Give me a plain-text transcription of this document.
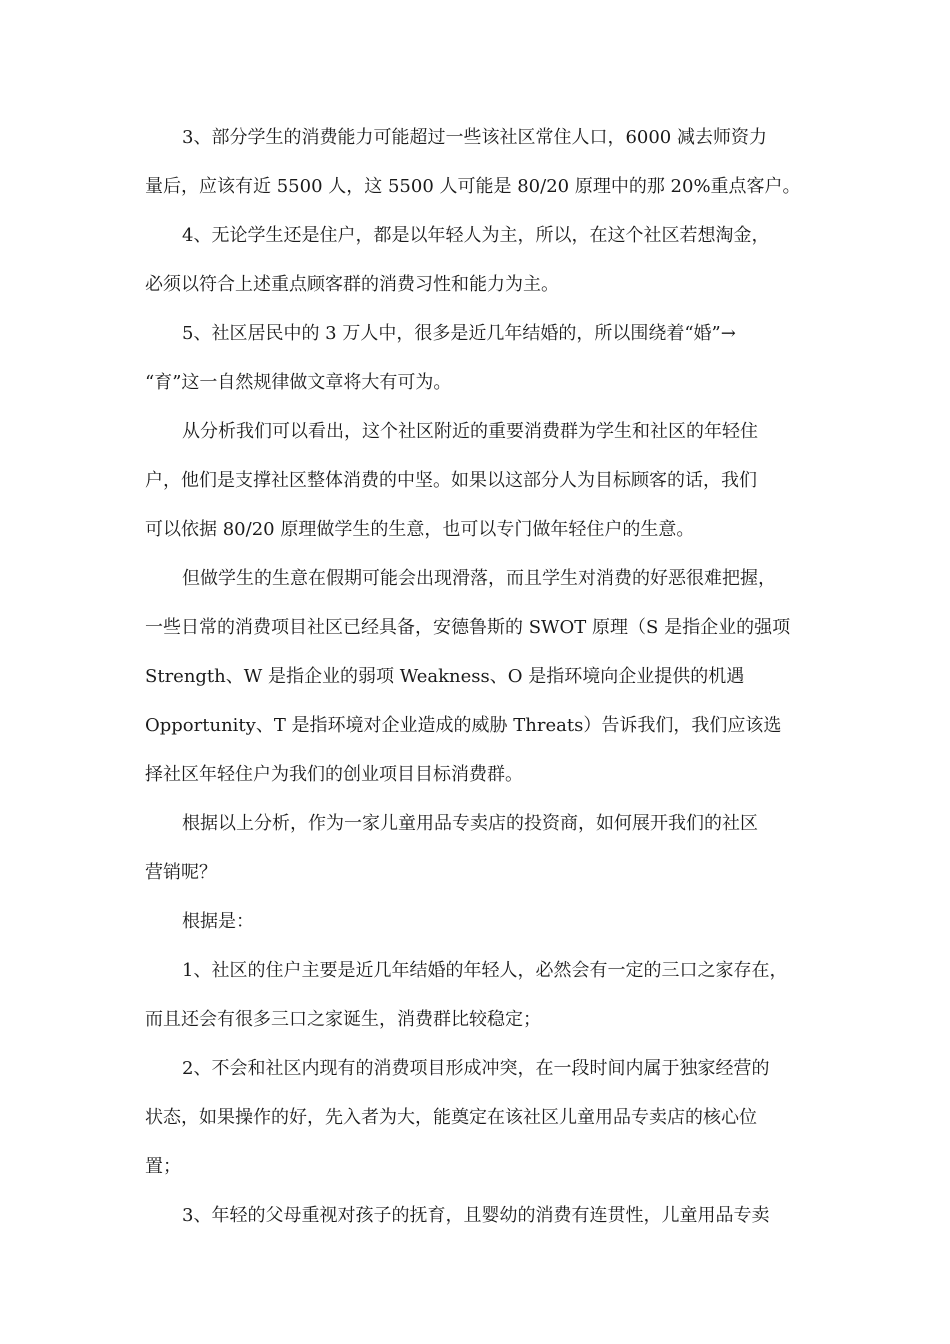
3、部分学生的消费能力可能超过一些该社区常住人口，6000 减去师资力
量后，应该有近 5500 人，这 5500 人可能是 80/20 原理中的那 20%重点客户。
4、无论学生还是住户，都是以年轻人为主，所以，在这个社区若想淘金，
必须以符合上述重点顾客群的消费习性和能力为主。
5、社区居民中的 3 万人中，很多是近几年结婚的，所以围绕着“婚”→
“育”这一自然规律做文章将大有可为。
从分析我们可以看出，这个社区附近的重要消费群为学生和社区的年轻住
户，他们是支撑社区整体消费的中坚。如果以这部分人为目标顾客的话，我们
可以依据 80/20 原理做学生的生意，也可以专门做年轻住户的生意。
但做学生的生意在假期可能会出现滑落，而且学生对消费的好恶很难把握，
一些日常的消费项目社区已经具备，安德鲁斯的 SWOT 原理（S 是指企业的强项
Strength、W 是指企业的弱项 Weakness、O 是指环境向企业提供的机遇
Opportunity、T 是指环境对企业造成的威胁 Threats）告诉我们，我们应该选
择社区年轻住户为我们的创业项目目标消费群。
根据以上分析，作为一家儿童用品专卖店的投资商，如何展开我们的社区
营销呢？
根据是：
1、社区的住户主要是近几年结婚的年轻人，必然会有一定的三口之家存在，
而且还会有很多三口之家诞生，消费群比较稳定；
2、不会和社区内现有的消费项目形成冲突，在一段时间内属于独家经营的
状态，如果操作的好，先入者为大，能奠定在该社区儿童用品专卖店的核心位
置；
3、年轻的父母重视对孩子的抚育，且婴幼的消费有连贯性，儿童用品专卖
